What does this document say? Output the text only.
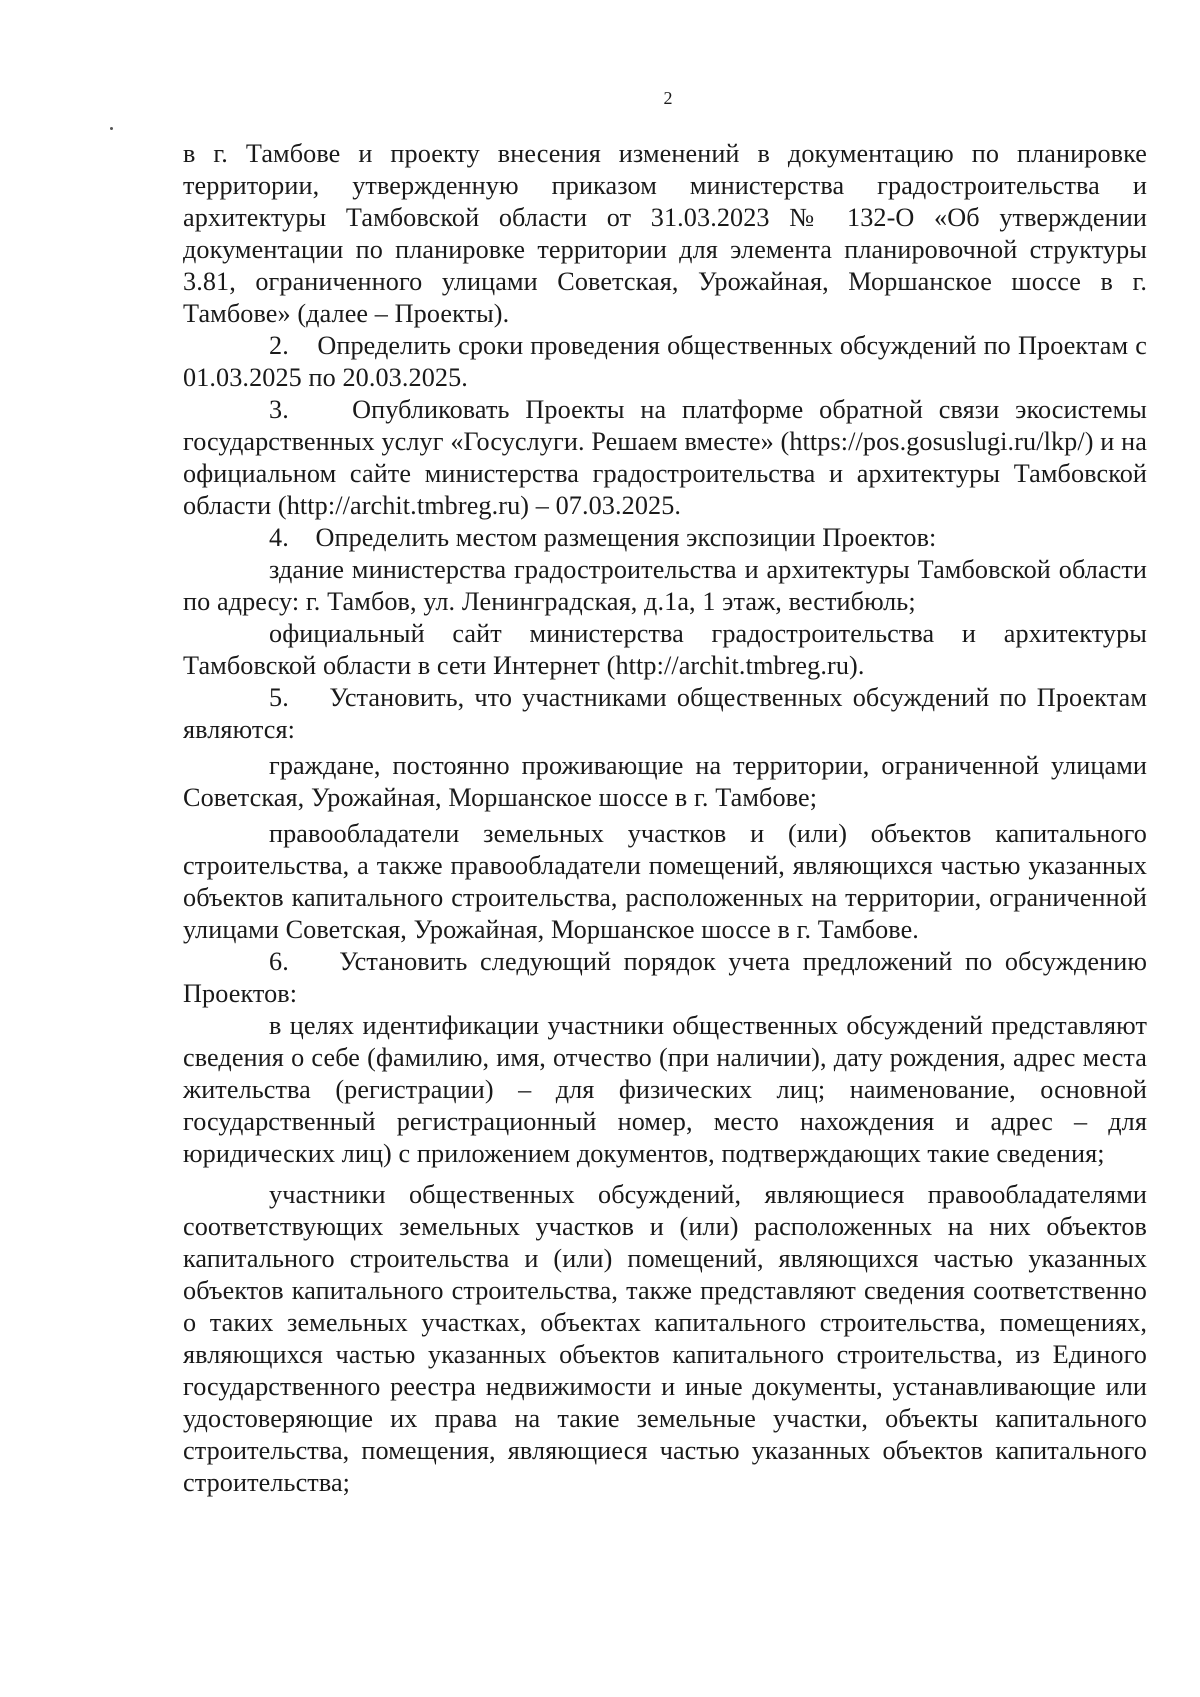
2

в г. Тамбове и проекту внесения изменений в документацию по планировке территории, утвержденную приказом министерства градостроительства и архитектуры Тамбовской области от 31.03.2023 № 132-О «Об утверждении документации по планировке территории для элемента планировочной структуры 3.81, ограниченного улицами Советская, Урожайная, Моршанское шоссе в г. Тамбове» (далее – Проекты).

2. Определить сроки проведения общественных обсуждений по Проектам с 01.03.2025 по 20.03.2025.

3. Опубликовать Проекты на платформе обратной связи экосистемы государственных услуг «Госуслуги. Решаем вместе» (https://pos.gosuslugi.ru/lkp/) и на официальном сайте министерства градостроительства и архитектуры Тамбовской области (http://archit.tmbreg.ru) – 07.03.2025.

4. Определить местом размещения экспозиции Проектов:

здание министерства градостроительства и архитектуры Тамбовской области по адресу: г. Тамбов, ул. Ленинградская, д.1а, 1 этаж, вестибюль;

официальный сайт министерства градостроительства и архитектуры Тамбовской области в сети Интернет (http://archit.tmbreg.ru).

5. Установить, что участниками общественных обсуждений по Проектам являются:

граждане, постоянно проживающие на территории, ограниченной улицами Советская, Урожайная, Моршанское шоссе в г. Тамбове;

правообладатели земельных участков и (или) объектов капитального строительства, а также правообладатели помещений, являющихся частью указанных объектов капитального строительства, расположенных на территории, ограниченной улицами Советская, Урожайная, Моршанское шоссе в г. Тамбове.

6. Установить следующий порядок учета предложений по обсуждению Проектов:

в целях идентификации участники общественных обсуждений представляют сведения о себе (фамилию, имя, отчество (при наличии), дату рождения, адрес места жительства (регистрации) – для физических лиц; наименование, основной государственный регистрационный номер, место нахождения и адрес – для юридических лиц) с приложением документов, подтверждающих такие сведения;

участники общественных обсуждений, являющиеся правообладателями соответствующих земельных участков и (или) расположенных на них объектов капитального строительства и (или) помещений, являющихся частью указанных объектов капитального строительства, также представляют сведения соответственно о таких земельных участках, объектах капитального строительства, помещениях, являющихся частью указанных объектов капитального строительства, из Единого государственного реестра недвижимости и иные документы, устанавливающие или удостоверяющие их права на такие земельные участки, объекты капитального строительства, помещения, являющиеся частью указанных объектов капитального строительства;
